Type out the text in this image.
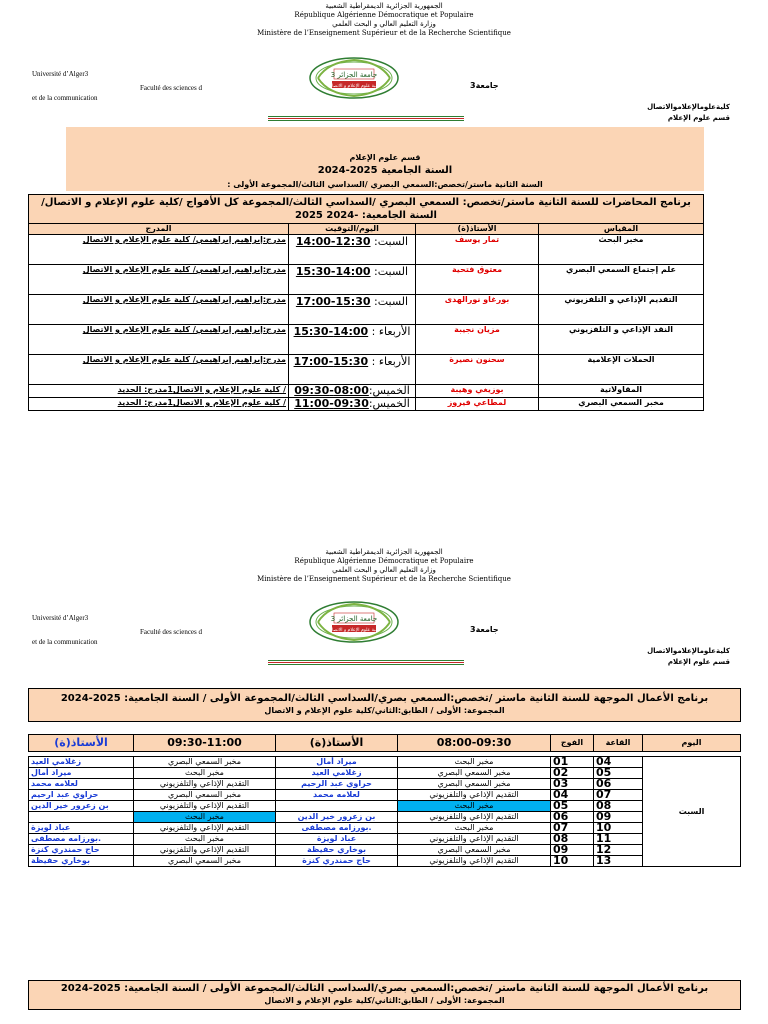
الجمهورية الجزائرية الديمقراطية الشعبية
République Algérienne Démocratique et Populaire
وزارة التعليم العالي و البحث العلمي
Ministère de l’Enseignement Supérieur et de la Recherche Scientifique
Université d’Alger3
Faculté des sciences d
et de la communication
جامعة الجزائر 3
كلية علوم الإعلام و الاتصال	جامعة3
كليةعلومالإعلاموالاتصال
قسم علوم الإعلام
قسم علوم الإعلام
السنة الجامعية 2025-2024
السنة الثانية ماستر/تخصص:السمعي البصري /السداسي الثالث/المجموعة الأولى :
برنامج المحاضرات للسنة الثانية ماستر/تخصص: السمعي البصري /السداسي الثالث/المجموعة كل الأفواج /كلية علوم الإعلام و الاتصال/السنة الجامعية: -2024 2025			
المقياس	الأستاذ(ة)	اليوم/التوقيت	المدرج
مخبر البحث	تمار يوسف	السبت: 12:30-14:00	مدرج:إبراهيم إبراهيمي/ كلية علوم الإعلام و الاتصال
علم إجتماع السمعي البصري	معتوق فتحية	السبت: 14:00-15:30	مدرج:إبراهيم إبراهيمي/ كلية علوم الإعلام و الاتصال
التقديم الإذاعي و التلفزيوني	بورغاو نورالهدى	السبت: 15:30-17:00	مدرج:إبراهيم إبراهيمي/ كلية علوم الإعلام و الاتصال
النقد الإذاعي و التلفزيوني	مزيان نجيبة	الأربعاء : 14:00-15:30	مدرج:إبراهيم إبراهيمي/ كلية علوم الإعلام و الاتصال
الحملات الإعلامية	سحنون نصيرة	الأربعاء : 15:30-17:00	مدرج:إبراهيم إبراهيمي/ كلية علوم الإعلام و الاتصال
المقاولاتية	بوزيغي وهيبة	الخميس:08:00-09:30	/ كلية علوم الإعلام و الاتصال1مدرج: الجديد
مخبر السمعي البصري	لمطاعي فيروز	الخميس:09:30-11:00	/ كلية علوم الإعلام و الاتصال1مدرج: الجديد
الجمهورية الجزائرية الديمقراطية الشعبية
République Algérienne Démocratique et Populaire
وزارة التعليم العالي و البحث العلمي
Ministère de l’Enseignement Supérieur et de la Recherche Scientifique
Université d’Alger3
Faculté des sciences d
et de la communication
جامعة الجزائر 3
كلية علوم الإعلام و الاتصال	جامعة3
كليةعلومالإعلاموالاتصال
قسم علوم الإعلام
برنامج الأعمال الموجهة للسنة الثانية ماستر /تخصص:السمعي بصري/السداسي الثالث/المجموعة الأولى / السنة الجامعية: 2025-2024
المجموعة: الأولى / الطابق:الثاني/كلية علوم الإعلام و الاتصال
الأستاذ(ة)	09:30-11:00	الأستاذ(ة)	08:00-09:30	الفوج	القاعة	اليوم

زغلامي العيد	مخبر السمعي البصري	ميراد أمال	مخبر البحث	01	04	السبت
ميراد أمال	مخبر البحث	زغلامي العيد	مخبر السمعي البصري	02	05	
لعلامه محمد	التقديم الإذاعي والتلفزيوني	حراوي عبد الرحيم	مخبر السمعي البصري	03	06	
حراوي عبد ارحيم	مخبر السمعي البصري	لعلامه محمد	التقديم الإذاعي والتلفزيوني	04	07	
بن زعرور خير الدين	التقديم الإذاعي والتلفزيوني		مخبر البحث	05	08	
	مخبر البحث	بن زعرور خير الدين	التقديم الإذاعي والتلفزيوني	06	09	
عباد لويزة	التقديم الإذاعي والتلفزيوني	بورزامه مصطفى.	مخبر البحث	07	10	
بورزامه مصطفى.	مخبر البحث	عباد لويزة	التقديم الإذاعي والتلفزيوني	08	11	
حاج حمندري كنزة	التقديم الإذاعي والتلفزيوني	بوخاري حفيظة	مخبر السمعي البصري	09	12	
بوخاري حفيظة	مخبر السمعي البصري	حاج حمندري كنزة	التقديم الإذاعي والتلفزيوني	10	13	
برنامج الأعمال الموجهة للسنة الثانية ماستر /تخصص:السمعي بصري/السداسي الثالث/المجموعة الأولى / السنة الجامعية: 2025-2024
المجموعة: الأولى / الطابق:الثاني/كلية علوم الإعلام و الاتصال
